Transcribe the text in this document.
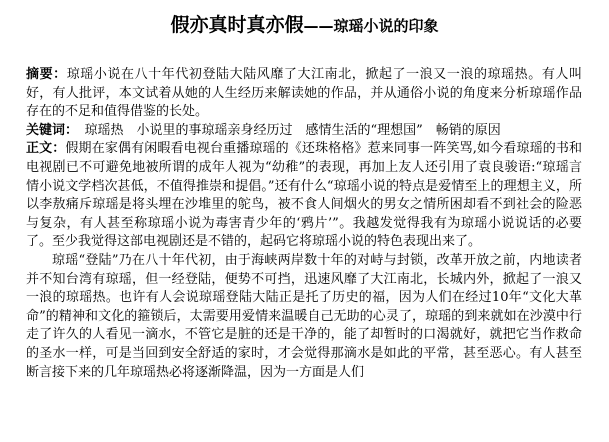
假亦真时真亦假——琼瑶小说的印象

摘要：琼瑶小说在八十年代初登陆大陆风靡了大江南北，掀起了一浪又一浪的琼瑶热。有人叫好，有人批评，本文试着从她的人生经历来解读她的作品，并从通俗小说的角度来分析琼瑶作品存在的不足和值得借鉴的长处。

关键词：　琼瑶热　小说里的事琼瑶亲身经历过　感情生活的“理想国”　畅销的原因

正文：假期在家偶有闲暇看电视台重播琼瑶的《还珠格格》惹来同事一阵笑骂,如今看琼瑶的书和电视剧已不可避免地被所谓的成年人视为“幼稚”的表现，再加上友人还引用了袁良骏语:“琼瑶言情小说文学档次甚低，不值得推崇和提倡。”还有什么“琼瑶小说的特点是爱情至上的理想主义，所以李敖痛斥琼瑶是将头埋在沙堆里的鸵鸟，被不食人间烟火的男女之情所困却看不到社会的险恶与复杂，有人甚至称琼瑶小说为毒害青少年的‘鸦片’”。我越发觉得我有为琼瑶小说说话的必要了。至少我觉得这部电视剧还是不错的，起码它将琼瑶小说的特色表现出来了。

琼瑶“登陆”乃在八十年代初，由于海峡两岸数十年的对峙与封锁，改革开放之前，内地读者并不知台湾有琼瑶，但一经登陆，便势不可挡，迅速风靡了大江南北，长城内外，掀起了一浪又一浪的琼瑶热。也许有人会说琼瑶登陆大陆正是托了历史的福，因为人们在经过10年“文化大革命”的精神和文化的箍锁后，太需要用爱情来温暖自己无助的心灵了，琼瑶的到来就如在沙漠中行走了许久的人看见一滴水，不管它是脏的还是干净的，能了却暂时的口渴就好，就把它当作救命的圣水一样，可是当回到安全舒适的家时，才会觉得那滴水是如此的平常，甚至恶心。有人甚至断言接下来的几年琼瑶热必将逐渐降温，因为一方面是人们
